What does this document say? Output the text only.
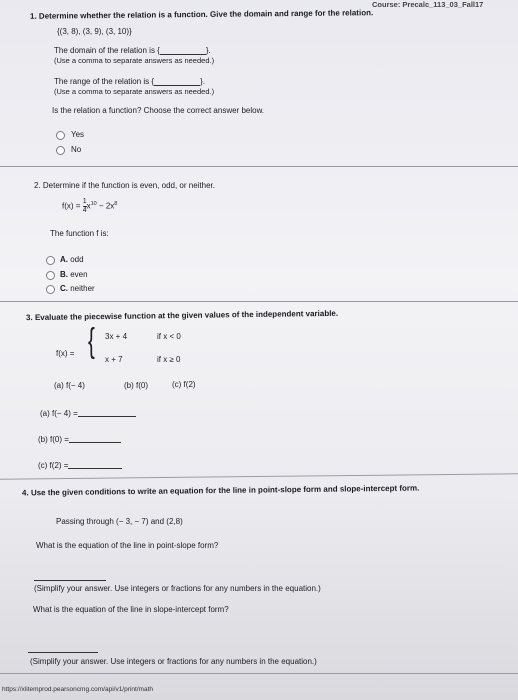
Course: Precalc_113_03_Fall17
1. Determine whether the relation is a function. Give the domain and range for the relation.
{(3, 8), (3, 9), (3, 10)}
The domain of the relation is {	}.
(Use a comma to separate answers as needed.)
The range of the relation is {	}.
(Use a comma to separate answers as needed.)
Is the relation a function? Choose the correct answer below.
Yes
No
2. Determine if the function is even, odd, or neither.
$f(x) = \frac{1}{4} x^{10} - 2x^8$
The function f is:
A. odd
B. even
C. neither
3. Evaluate the piecewise function at the given values of the independent variable.
f(x) = { 3x + 4	if x < 0
x + 7	if x ≥ 0
(a) f(− 4)	(b) f(0)	(c) f(2)
(a) f(− 4) =
(b) f(0) =
(c) f(2) =
4. Use the given conditions to write an equation for the line in point-slope form and slope-intercept form.
Passing through (− 3, − 7) and (2,8)
What is the equation of the line in point-slope form?
(Simplify your answer. Use integers or fractions for any numbers in the equation.)
What is the equation of the line in slope-intercept form?
(Simplify your answer. Use integers or fractions for any numbers in the equation.)
https://xlitemprod.pearsoncmg.com/api/v1/print/math
